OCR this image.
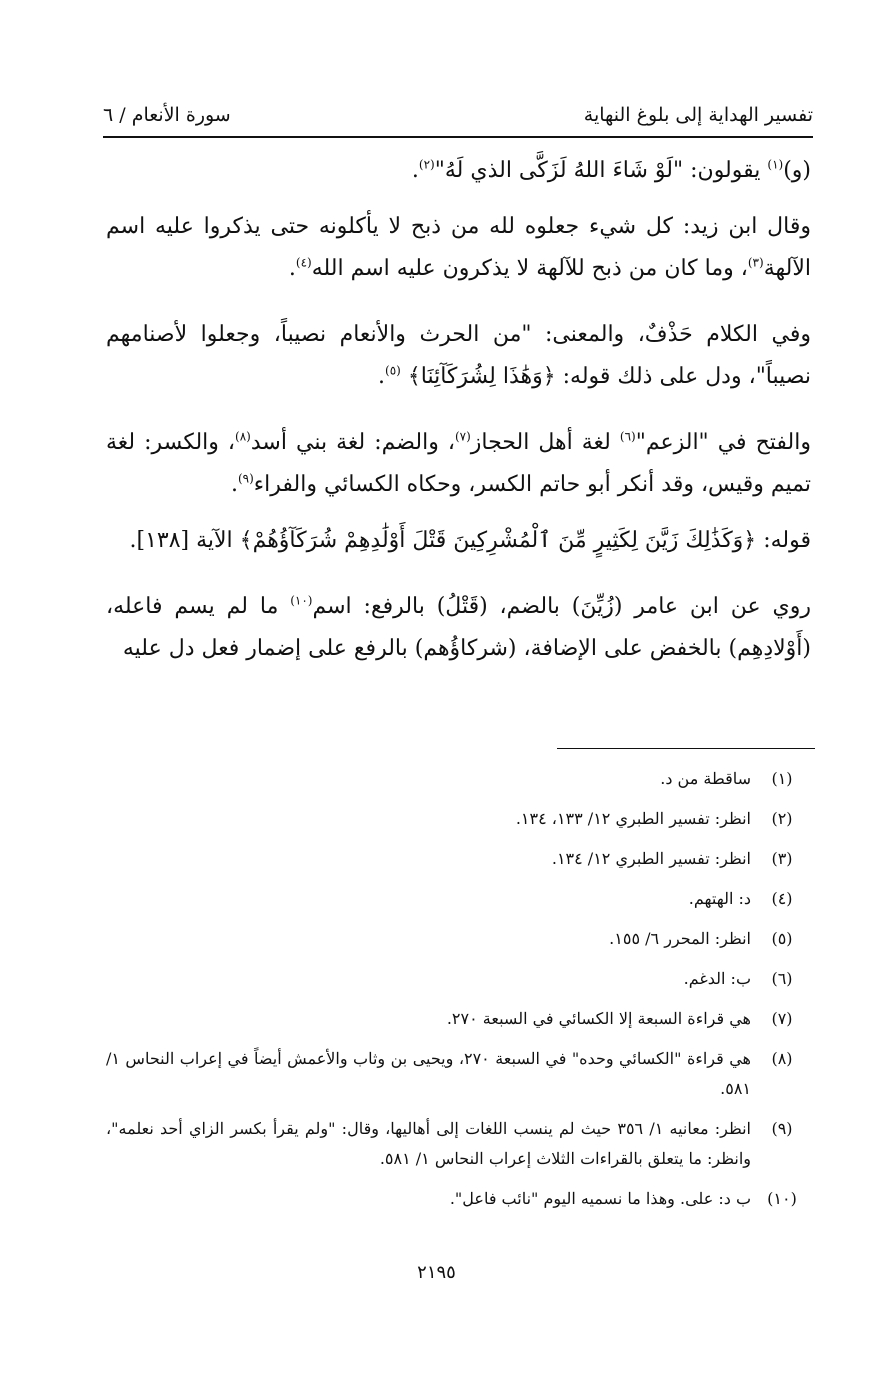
تفسير الهداية إلى بلوغ النهاية
سورة الأنعام / ٦

(و)$^{(١)}$ يقولون: "لَوْ شَاءَ اللهُ لَزَكَّى الذي لَهُ"$^{(٢)}$.

وقال ابن زيد: كل شيء جعلوه لله من ذبح لا يأكلونه حتى يذكروا عليه اسم الآلهة$^{(٣)}$، وما كان من ذبح للآلهة لا يذكرون عليه اسم الله$^{(٤)}$.

وفي الكلام حَذْفٌ، والمعنى: "من الحرث والأنعام نصيباً، وجعلوا لأصنامهم نصيباً"، ودل على ذلك قوله: ﴿وَهَٰذَا لِشُرَكَآئِنَا﴾ $^{(٥)}$.

والفتح في "الزعم"$^{(٦)}$ لغة أهل الحجاز$^{(٧)}$، والضم: لغة بني أسد$^{(٨)}$، والكسر: لغة تميم وقيس، وقد أنكر أبو حاتم الكسر، وحكاه الكسائي والفراء$^{(٩)}$.

قوله: ﴿وَكَذَٰلِكَ زَيَّنَ لِكَثِيرٍ مِّنَ ٱلْمُشْرِكِينَ قَتْلَ أَوْلَٰدِهِمْ شُرَكَآؤُهُمْ﴾ الآية [١٣٨].

روي عن ابن عامر (زُيِّنَ) بالضم، (قَتْلُ) بالرفع: اسم$^{(١٠)}$ ما لم يسم فاعله، (أَوْلادِهِم) بالخفض على الإضافة، (شركاؤُهم) بالرفع على إضمار فعل دل عليه

(١)
ساقطة من د.
(٢)
انظر: تفسير الطبري ١٢/ ١٣٣، ١٣٤.
(٣)
انظر: تفسير الطبري ١٢/ ١٣٤.
(٤)
د: الهتهم.
(٥)
انظر: المحرر ٦/ ١٥٥.
(٦)
ب: الدغم.
(٧)
هي قراءة السبعة إلا الكسائي في السبعة ٢٧٠.
(٨)
هي قراءة "الكسائي وحده" في السبعة ٢٧٠، ويحيى بن وثاب والأعمش أيضاً في إعراب النحاس ١/ ٥٨١.
(٩)
انظر: معانيه ١/ ٣٥٦ حيث لم ينسب اللغات إلى أهاليها، وقال: "ولم يقرأ بكسر الزاي أحد نعلمه"، وانظر: ما يتعلق بالقراءات الثلاث إعراب النحاس ١/ ٥٨١.
(١٠)
ب د: على. وهذا ما نسميه اليوم "نائب فاعل".
٢١٩٥
